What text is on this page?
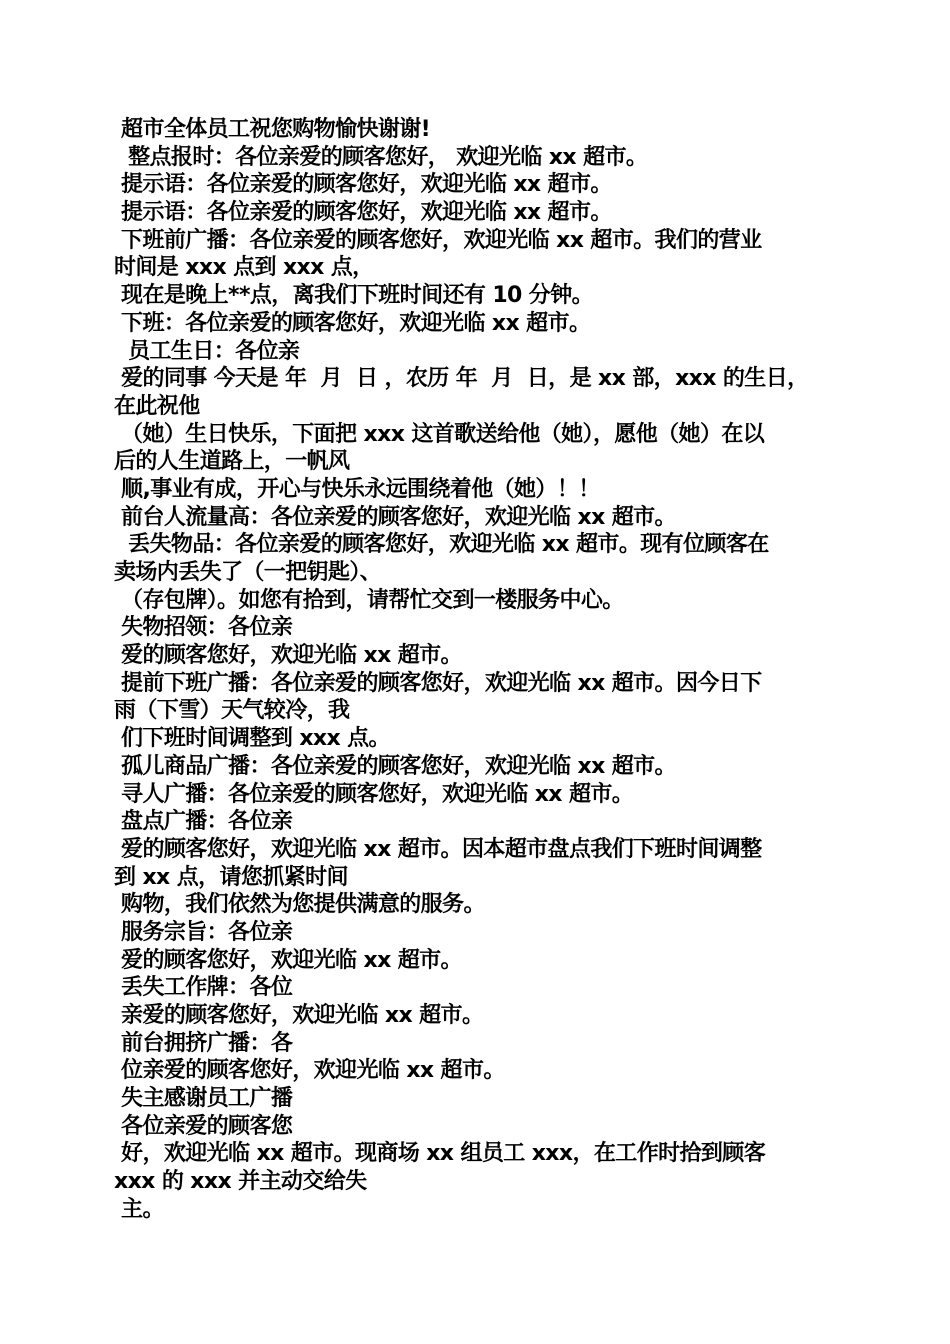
超市全体员工祝您购物愉快谢谢!
整点报时：各位亲爱的顾客您好， 欢迎光临 xx 超市。
提示语：各位亲爱的顾客您好，欢迎光临 xx 超市。
提示语：各位亲爱的顾客您好，欢迎光临 xx 超市。
下班前广播：各位亲爱的顾客您好，欢迎光临 xx 超市。我们的营业
时间是 xxx 点到 xxx 点，
现在是晚上**点，离我们下班时间还有 10 分钟。
下班：各位亲爱的顾客您好，欢迎光临 xx 超市。
员工生日：各位亲
爱的同事 今天是 年  月  日 ，农历 年  月  日，是 xx 部，xxx 的生日，
在此祝他
（她）生日快乐，下面把 xxx 这首歌送给他（她），愿他（她）在以
后的人生道路上，一帆风
顺,事业有成，开心与快乐永远围绕着他（她）！！
前台人流量高：各位亲爱的顾客您好，欢迎光临 xx 超市。
丢失物品：各位亲爱的顾客您好，欢迎光临 xx 超市。现有位顾客在
卖场内丢失了（一把钥匙）、
（存包牌）。如您有拾到，请帮忙交到一楼服务中心。
失物招领：各位亲
爱的顾客您好，欢迎光临 xx 超市。
提前下班广播：各位亲爱的顾客您好，欢迎光临 xx 超市。因今日下
雨（下雪）天气较冷，我
们下班时间调整到 xxx 点。
孤儿商品广播：各位亲爱的顾客您好，欢迎光临 xx 超市。
寻人广播：各位亲爱的顾客您好，欢迎光临 xx 超市。
盘点广播：各位亲
爱的顾客您好，欢迎光临 xx 超市。因本超市盘点我们下班时间调整
到 xx 点，请您抓紧时间
购物，我们依然为您提供满意的服务。
服务宗旨：各位亲
爱的顾客您好，欢迎光临 xx 超市。
丢失工作牌：各位
亲爱的顾客您好，欢迎光临 xx 超市。
前台拥挤广播：各
位亲爱的顾客您好，欢迎光临 xx 超市。
失主感谢员工广播
各位亲爱的顾客您
好，欢迎光临 xx 超市。现商场 xx 组员工 xxx，在工作时拾到顾客
xxx 的 xxx 并主动交给失
主。
